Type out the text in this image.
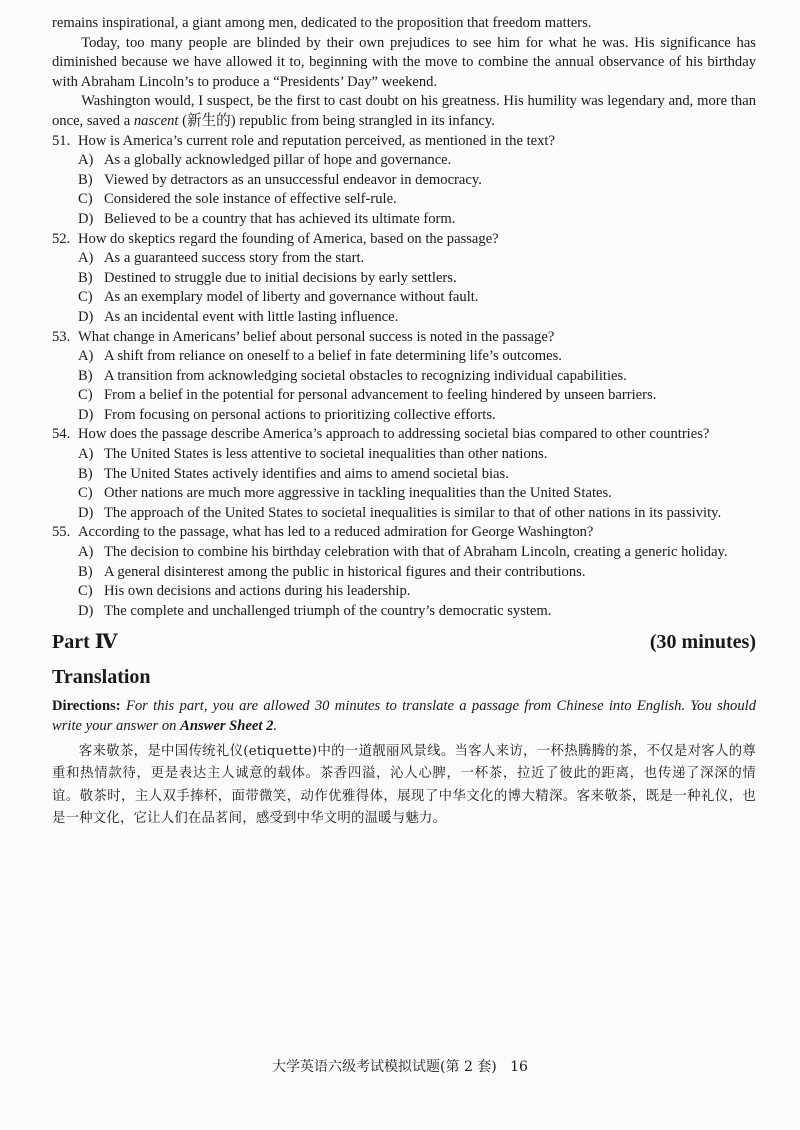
remains inspirational, a giant among men, dedicated to the proposition that freedom matters.

Today, too many people are blinded by their own prejudices to see him for what he was. His significance has diminished because we have allowed it to, beginning with the move to combine the annual observance of his birthday with Abraham Lincoln’s to produce a “Presidents’ Day” weekend.

Washington would, I suspect, be the first to cast doubt on his greatness. His humility was legendary and, more than once, saved a nascent (新生的) republic from being strangled in its infancy.

51. How is America’s current role and reputation perceived, as mentioned in the text?
A) As a globally acknowledged pillar of hope and governance.
B) Viewed by detractors as an unsuccessful endeavor in democracy.
C) Considered the sole instance of effective self-rule.
D) Believed to be a country that has achieved its ultimate form.
52. How do skeptics regard the founding of America, based on the passage?
A) As a guaranteed success story from the start.
B) Destined to struggle due to initial decisions by early settlers.
C) As an exemplary model of liberty and governance without fault.
D) As an incidental event with little lasting influence.
53. What change in Americans’ belief about personal success is noted in the passage?
A) A shift from reliance on oneself to a belief in fate determining life’s outcomes.
B) A transition from acknowledging societal obstacles to recognizing individual capabilities.
C) From a belief in the potential for personal advancement to feeling hindered by unseen barriers.
D) From focusing on personal actions to prioritizing collective efforts.
54. How does the passage describe America’s approach to addressing societal bias compared to other countries?
A) The United States is less attentive to societal inequalities than other nations.
B) The United States actively identifies and aims to amend societal bias.
C) Other nations are much more aggressive in tackling inequalities than the United States.
D) The approach of the United States to societal inequalities is similar to that of other nations in its passivity.
55. According to the passage, what has led to a reduced admiration for George Washington?
A) The decision to combine his birthday celebration with that of Abraham Lincoln, creating a generic holiday.
B) A general disinterest among the public in historical figures and their contributions.
C) His own decisions and actions during his leadership.
D) The complete and unchallenged triumph of the country’s democratic system.
Part Ⅳ	(30 minutes)
Translation

Directions: For this part, you are allowed 30 minutes to translate a passage from Chinese into English. You should write your answer on Answer Sheet 2.

客来敬茶，是中国传统礼仪(etiquette)中的一道靓丽风景线。当客人来访，一杯热腾腾的茶，不仅是对客人的尊重和热情款待，更是表达主人诚意的载体。茶香四溢，沁人心脾，一杯茶，拉近了彼此的距离，也传递了深深的情谊。敬茶时，主人双手捧杯，面带微笑，动作优雅得体，展现了中华文化的博大精深。客来敬茶，既是一种礼仪，也是一种文化，它让人们在品茗间，感受到中华文明的温暖与魅力。

大学英语六级考试模拟试题(第 2 套) 16
